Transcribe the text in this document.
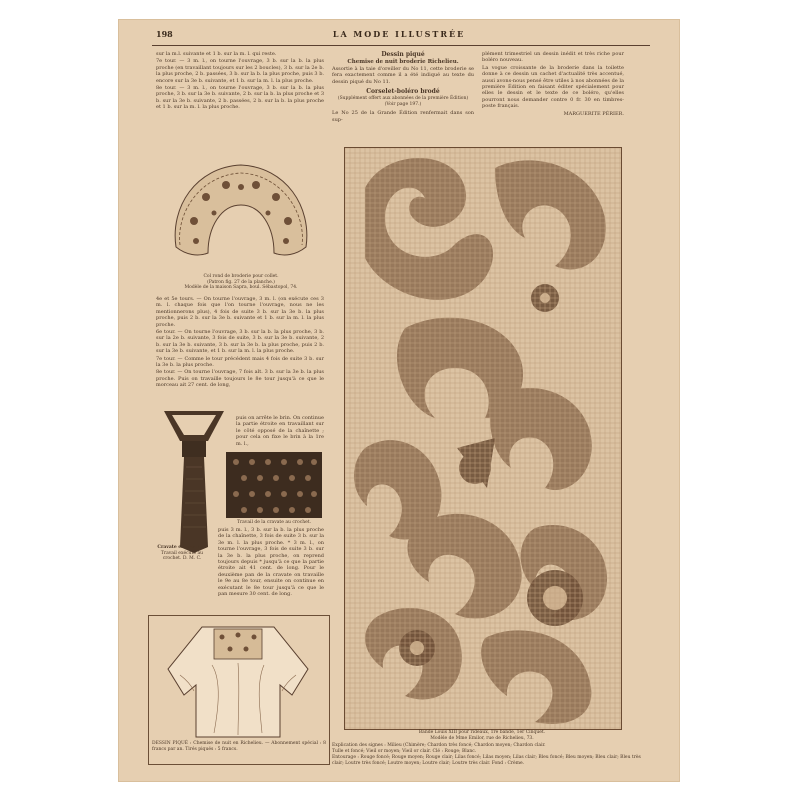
198	LA MODE ILLUSTRÉE

sur la m.l. suivante et 1 b. sur la m. l. qui reste.

7e tour. — 3 m. l., on tourne l'ouvrage, 3 b. sur la b. la plus proche (en travaillant toujours sur les 2 boucles), 3 b. sur la 2e b. la plus proche, 2 b. passées, 3 b. sur la b. la plus proche, puis 3 b. encore sur la 3e b. suivante, et 1 b. sur la m. l. la plus proche.

8e tour. — 3 m. l., on tourne l'ouvrage, 3 b. sur la b. la plus proche, 3 b. sur la 3e b. suivante, 2 b. sur la b. la plus proche et 3 b. sur la 3e b. suivante, 2 b. passées, 2 b. sur la b. la plus proche et 1 b. sur la m. l. la plus proche.

Col rond de broderie pour collet.
(Patron fig. 27 de la planche.)
Modèle de la maison Sapra, boul. Sébastopol, 74.

4e et 5e tours. — On tourne l'ouvrage, 3 m. l. (on exécute ces 3 m. l. chaque fois que l'on tourne l'ouvrage, nous ne les mentionnerons plus), 4 fois de suite 3 b. sur la 3e b. la plus proche, puis 2 b. sur la 3e b. suivante et 1 b. sur la m. l. la plus proche.

6e tour. — On tourne l'ouvrage, 3 b. sur la b. la plus proche, 3 b. sur la 2e b. suivante, 3 fois de suite, 3 b. sur la 3e b. suivante, 2 b. sur la 3e b. suivante, 3 b. sur la 3e b. la plus proche, puis 2 b. sur la 3e b. suivante, et 1 b. sur la m. l. la plus proche.

7e tour. — Comme le tour précédent mais 4 fois de suite 3 b. sur la 3e b. la plus proche.

8e tour. — On tourne l'ouvrage, 7 fois alt. 3 b. sur la 3e b. la plus proche. Puis on travaille toujours le 8e tour jusqu'à ce que le morceau ait 27 cent. de long,

puis on arrête le brin. On continue la partie étroite en travaillant sur le côté opposé de la chaînette ; pour cela on fixe le brin à la 1re m. l.,

Travail de la cravate au crochet.
Cravate en crochet.
Travail exécuté au crochet. D. M. C.

puis 3 m. l., 3 b. sur la b. la plus proche de la chaînette, 3 fois de suite 3 b. sur la 3e m. l. la plus proche. * 3 m. l., on tourne l'ouvrage, 3 fois de suite 3 b. sur la 3e b. la plus proche, on reprend toujours depuis * jusqu'à ce que la partie étroite ait 41 cent. de long. Pour le deuxième pan de la cravate on travaille le 9e au 8e tour, ensuite on continue en exécutant le 8e tour jusqu'à ce que le pan mesure 30 cent. de long.

DESSIN PIQUÉ : Chemise de nuit en Richelieu. — Abonnement spécial : 8 francs par an. Tirés piqués : 5 francs.
Dessin piqué
Chemise de nuit broderie Richelieu.

Assortie à la taie d'oreiller du No 11, cette broderie se fera exactement comme il a été indiqué au texte du dessin piqué du No 11.

Corselet-boléro brodé
(Supplément offert aux abonnées de la première Édition)
(Voir page 197.)

Le No 25 de la Grande Édition renfermait dans son sup-

plément trimestriel un dessin inédit et très riche pour boléro nouveau.

La vogue croissante de la broderie dans la toilette donne à ce dessin un cachet d'actualité très accentué, aussi avons-nous pensé être utiles à nos abonnées de la première Édition en faisant éditer spécialement pour elles le dessin et le texte de ce boléro, qu'elles pourront nous demander contre 0 fr. 30 en timbres-poste français.

MARGUERITE PÉRIER.

Bande Louis XIII pour rideaux, 1re bande, 1er Cinquet.
Modèle de Mme Emilor, rue de Richelieu, 73.
Explication des signes : Milieu (Chimère; Chardon très foncé; Chardon moyen; Chardon clair.
Tulle et foncé; Vieil or moyen; Vieil or clair. Clé : Rouge; Blanc.
Entourage : Rouge foncé; Rouge moyen; Rouge clair; Lilas foncé; Lilas moyen; Lilas clair; Bleu foncé; Bleu moyen; Bleu clair; Bleu très clair; Loutre très foncé; Loutre moyen; Loutre clair; Loutre très clair. Fond : Crème.
